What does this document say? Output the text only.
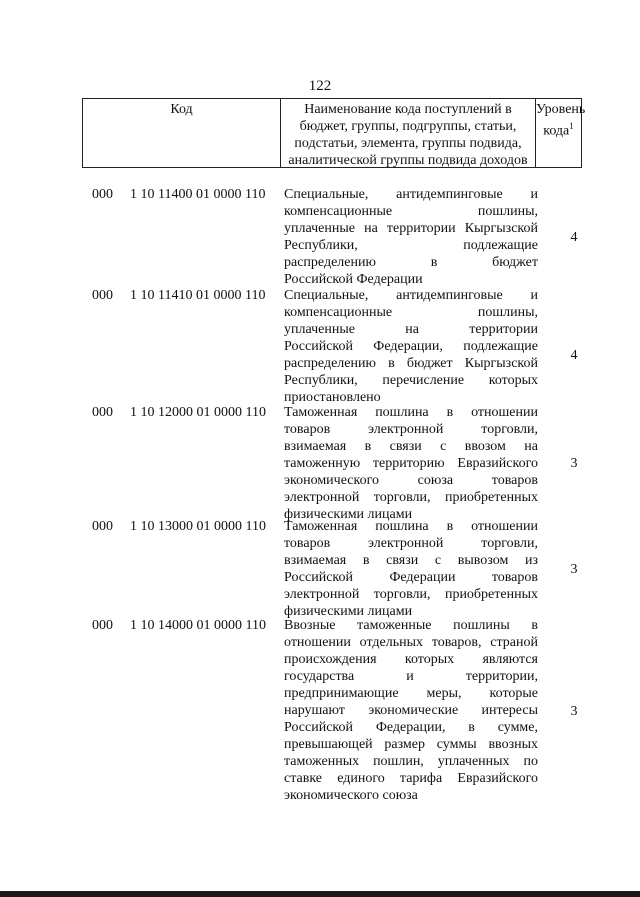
122
Код	Наименование кода поступлений в
бюджет, группы, подгруппы, статьи,
подстатьи, элемента, группы подвида,
аналитической группы подвида доходов
Уровень
кода$^1$
000 1 10 11400 01 0000 110 Специальные, антидемпинговые и
компенсационные пошлины,
уплаченные на территории Кыргызской
Республики, подлежащие
распределению в бюджет
Российской Федерации
4
000 1 10 11410 01 0000 110 Специальные, антидемпинговые и
компенсационные пошлины,
уплаченные на территории
Российской Федерации, подлежащие
распределению в бюджет Кыргызской
Республики, перечисление которых
приостановлено
4
000 1 10 12000 01 0000 110 Таможенная пошлина в отношении
товаров электронной торговли,
взимаемая в связи с ввозом на
таможенную территорию Евразийского
экономического союза товаров
электронной торговли, приобретенных
физическими лицами
3
000 1 10 13000 01 0000 110 Таможенная пошлина в отношении
товаров электронной торговли,
взимаемая в связи с вывозом из
Российской Федерации товаров
электронной торговли, приобретенных
физическими лицами
3
000 1 10 14000 01 0000 110 Ввозные таможенные пошлины в
отношении отдельных товаров, страной
происхождения которых являются
государства и территории,
предпринимающие меры, которые
нарушают экономические интересы
Российской Федерации, в сумме,
превышающей размер суммы ввозных
таможенных пошлин, уплаченных по
ставке единого тарифа Евразийского
экономического союза
3
